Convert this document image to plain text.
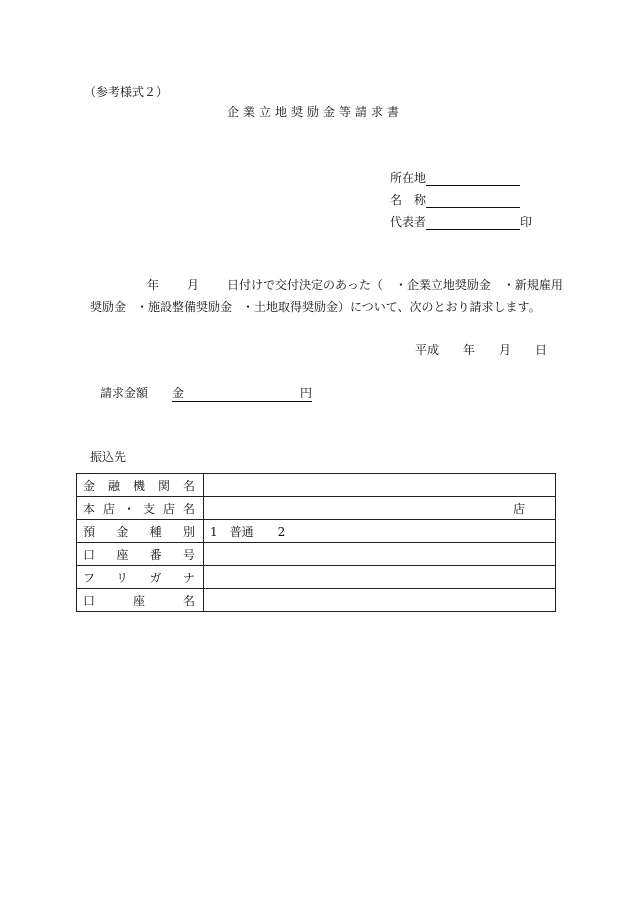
（参考様式２）
企業立地奨励金等請求書
所在地
名　称
代表者	印
年 月 日付けで交付決定のあった（　・企業立地奨励金　・新規雇用
奨励金 ・施設整備奨励金 ・土地取得奨励金）について、次のとおり請求します。
平成 年 月 日
請求金額 金	円
振込先
金融機関名	
本店・支店名	店

預金種別	1　普通　　2
口座番号	
フリガナ	
口座名	
